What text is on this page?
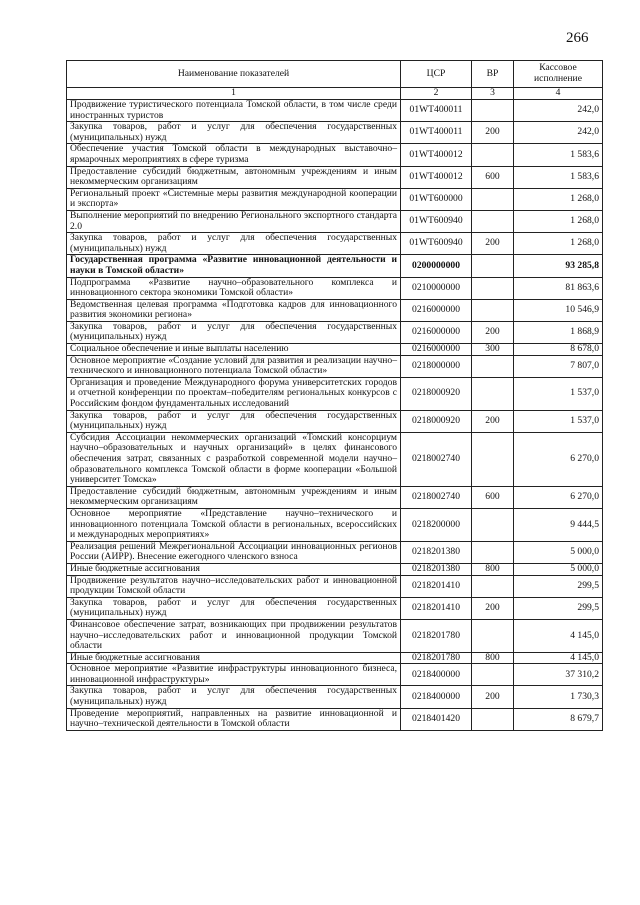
266
Наименование показателей	ЦСР	ВР	Кассовое исполнение
1	2	3	4
Продвижение туристического потенциала Томской области, в том числе среди иностранных туристов	01WT400011		242,0
Закупка товаров, работ и услуг для обеспечения государственных (муниципальных) нужд	01WT400011	200	242,0
Обеспечение участия Томской области в международных выставочно–ярмарочных мероприятиях в сфере туризма	01WT400012		1 583,6
Предоставление субсидий бюджетным, автономным учреждениям и иным некоммерческим организациям	01WT400012	600	1 583,6
Региональный проект «Системные меры развития международной кооперации и экспорта»	01WT600000		1 268,0
Выполнение мероприятий по внедрению Регионального экспортного стандарта 2.0	01WT600940		1 268,0
Закупка товаров, работ и услуг для обеспечения государственных (муниципальных) нужд	01WT600940	200	1 268,0
Государственная программа «Развитие инновационной деятельности и науки в Томской области»	0200000000		93 285,8
Подпрограмма «Развитие научно–образовательного комплекса и инновационного сектора экономики Томской области»	0210000000		81 863,6
Ведомственная целевая программа «Подготовка кадров для инновационного развития экономики региона»	0216000000		10 546,9
Закупка товаров, работ и услуг для обеспечения государственных (муниципальных) нужд	0216000000	200	1 868,9
Социальное обеспечение и иные выплаты населению	0216000000	300	8 678,0
Основное мероприятие «Создание условий для развития и реализации научно–технического и инновационного потенциала Томской области»	0218000000		7 807,0
Организация и проведение Международного форума университетских городов и отчетной конференции по проектам–победителям региональных конкурсов с Российским фондом фундаментальных исследований	0218000920		1 537,0
Закупка товаров, работ и услуг для обеспечения государственных (муниципальных) нужд	0218000920	200	1 537,0
Субсидия Ассоциации некоммерческих организаций «Томский консорциум научно–образовательных и научных организаций» в целях финансового обеспечения затрат, связанных с разработкой современной модели научно–образовательного комплекса Томской области в форме кооперации «Большой университет Томска»	0218002740		6 270,0
Предоставление субсидий бюджетным, автономным учреждениям и иным некоммерческим организациям	0218002740	600	6 270,0
Основное мероприятие «Представление научно–технического и инновационного потенциала Томской области в региональных, всероссийских и международных мероприятиях»	0218200000		9 444,5
Реализация решений Межрегиональной Ассоциации инновационных регионов России (АИРР). Внесение ежегодного членского взноса	0218201380		5 000,0
Иные бюджетные ассигнования	0218201380	800	5 000,0
Продвижение результатов научно–исследовательских работ и инновационной продукции Томской области	0218201410		299,5
Закупка товаров, работ и услуг для обеспечения государственных (муниципальных) нужд	0218201410	200	299,5
Финансовое обеспечение затрат, возникающих при продвижении результатов научно–исследовательских работ и инновационной продукции Томской области	0218201780		4 145,0
Иные бюджетные ассигнования	0218201780	800	4 145,0
Основное мероприятие «Развитие инфраструктуры инновационного бизнеса, инновационной инфраструктуры»	0218400000		37 310,2
Закупка товаров, работ и услуг для обеспечения государственных (муниципальных) нужд	0218400000	200	1 730,3
Проведение мероприятий, направленных на развитие инновационной и научно–технической деятельности в Томской области	0218401420		8 679,7
